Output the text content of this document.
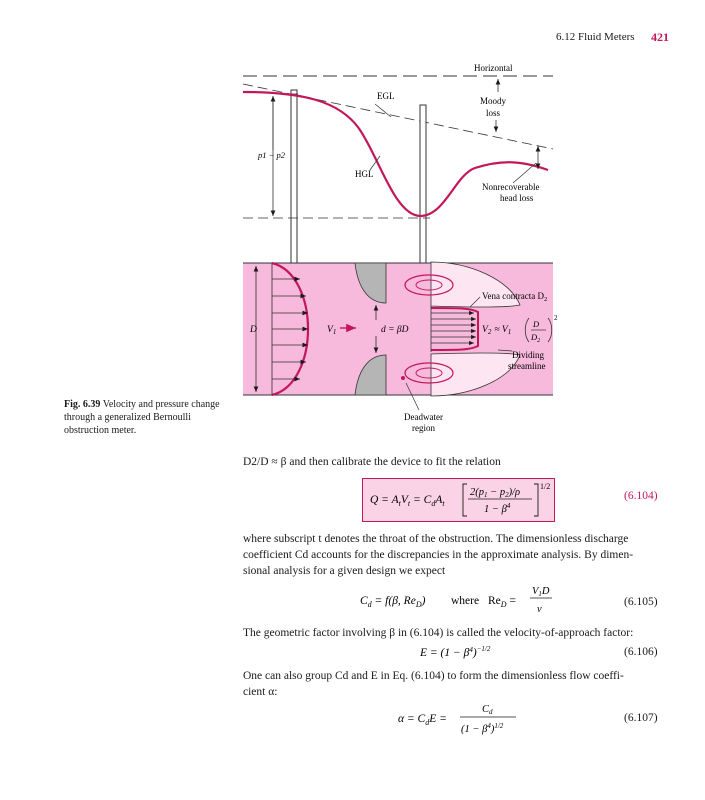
6.12 Fluid Meters 421
Horizontal
EGL	Moody
loss
HGL
p1 − p2
Nonrecoverable
head loss
D	$V_1$	d = βD	$V_2 \approx V_1$
D
$D_2$
2
Vena contracta $D_2$
Dividing
streamline
Deadwater
region
Fig. 6.39 Velocity and pressure change through a generalized Bernoulli obstruction meter.
D2/D ≈ β and then calibrate the device to fit the relation
$Q = A_tV_t = C_dA_t$
2(p1 − p2)/ρ
$1 - \beta^4$
1/2
(6.104)
where subscript t denotes the throat of the obstruction. The dimensionless discharge
coefficient Cd accounts for the discrepancies in the approximate analysis. By dimen-
sional analysis for a given design we expect
$C_d = f(\beta$, $Re_D$) where $Re_D$ =
V1D
ν
(6.105)
The geometric factor involving β in (6.104) is called the velocity-of-approach factor:
$E = (1 - \beta^4)^{-1/2}$	(6.106)
One can also group Cd and E in Eq. (6.104) to form the dimensionless flow coeffi-
cient α:
$\alpha = C_dE$ =
Cd
$(1 - \beta^4)^{1/2}$
(6.107)
